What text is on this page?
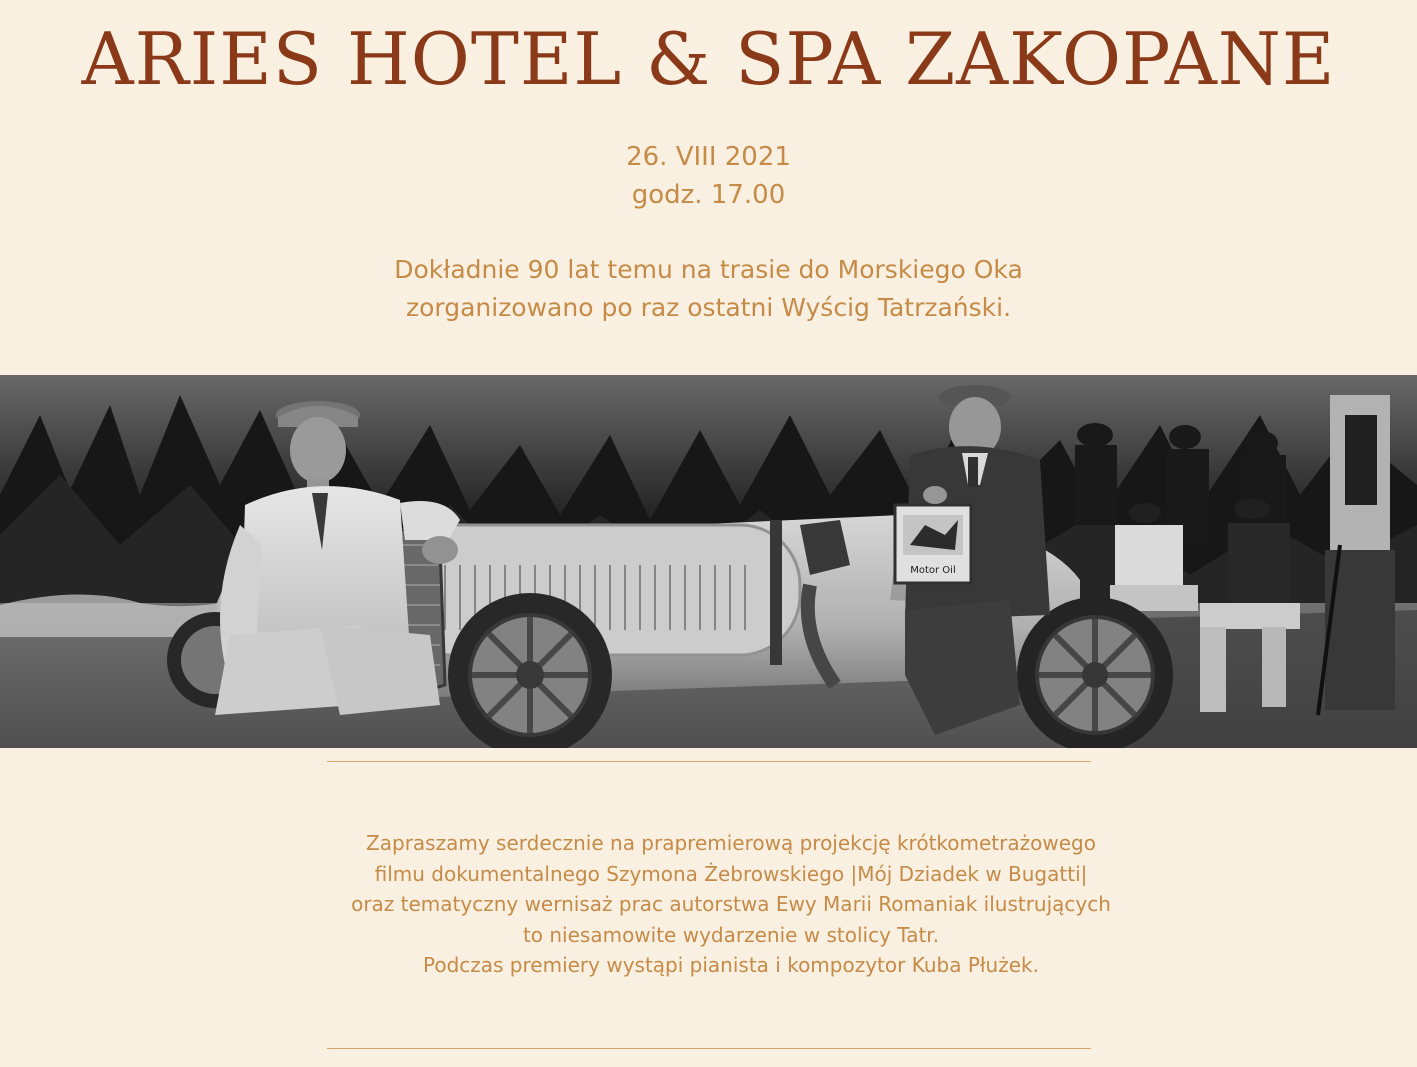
ARIES HOTEL & SPA ZAKOPANE
26. VIII 2021
godz. 17.00
Dokładnie 90 lat temu na trasie do Morskiego Oka
zorganizowano po raz ostatni Wyścig Tatrzański.
Motor Oil
Zapraszamy serdecznie na prapremierową projekcję krótkometrażowego
filmu dokumentalnego Szymona Żebrowskiego |Mój Dziadek w Bugatti|
oraz tematyczny wernisaż prac autorstwa Ewy Marii Romaniak ilustrujących
to niesamowite wydarzenie w stolicy Tatr.
Podczas premiery wystąpi pianista i kompozytor Kuba Płużek.
